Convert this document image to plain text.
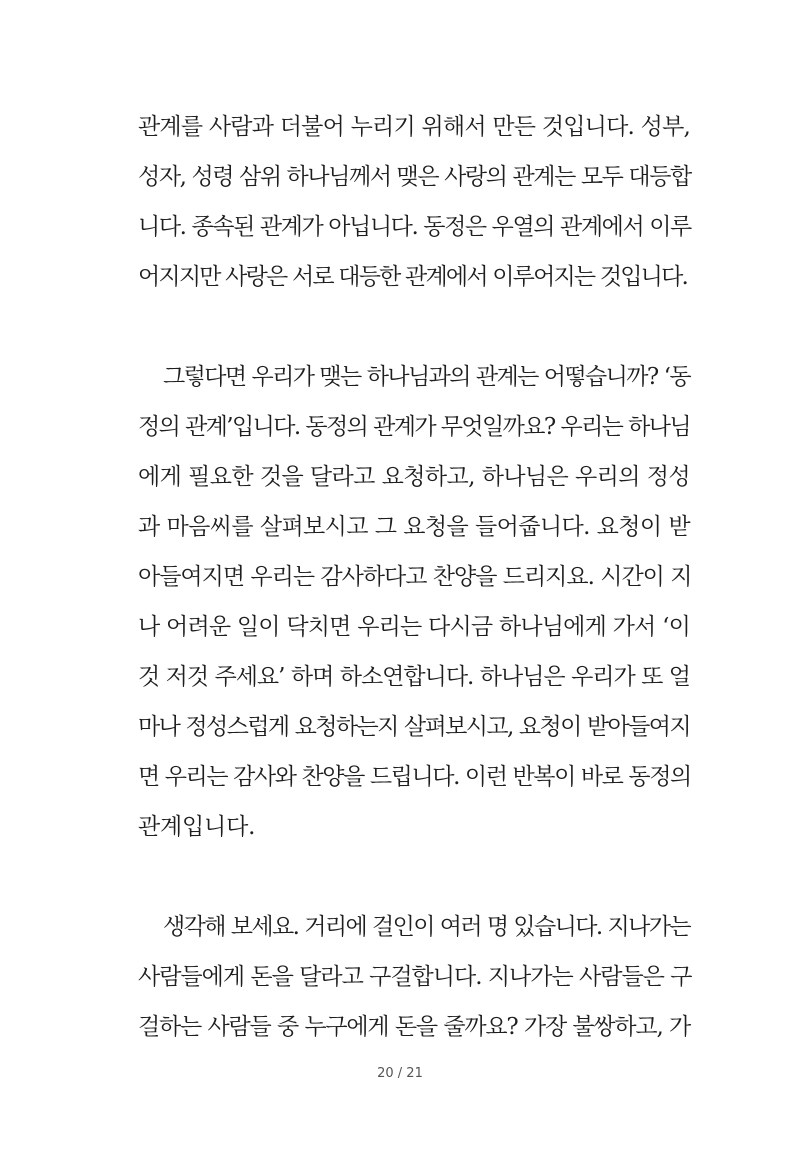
관계를 사람과 더불어 누리기 위해서 만든 것입니다. 성부,
성자, 성령 삼위 하나님께서 맺은 사랑의 관계는 모두 대등합
니다. 종속된 관계가 아닙니다. 동정은 우열의 관계에서 이루
어지지만 사랑은 서로 대등한 관계에서 이루어지는 것입니다.
그렇다면 우리가 맺는 하나님과의 관계는 어떻습니까? ‘동
정의 관계’입니다. 동정의 관계가 무엇일까요? 우리는 하나님
에게 필요한 것을 달라고 요청하고, 하나님은 우리의 정성
과 마음씨를 살펴보시고 그 요청을 들어줍니다. 요청이 받
아들여지면 우리는 감사하다고 찬양을 드리지요. 시간이 지
나 어려운 일이 닥치면 우리는 다시금 하나님에게 가서 ‘이
것 저것 주세요’ 하며 하소연합니다. 하나님은 우리가 또 얼
마나 정성스럽게 요청하는지 살펴보시고, 요청이 받아들여지
면 우리는 감사와 찬양을 드립니다. 이런 반복이 바로 동정의
관계입니다.
생각해 보세요. 거리에 걸인이 여러 명 있습니다. 지나가는
사람들에게 돈을 달라고 구걸합니다. 지나가는 사람들은 구
걸하는 사람들 중 누구에게 돈을 줄까요? 가장 불쌍하고, 가
20 / 21
